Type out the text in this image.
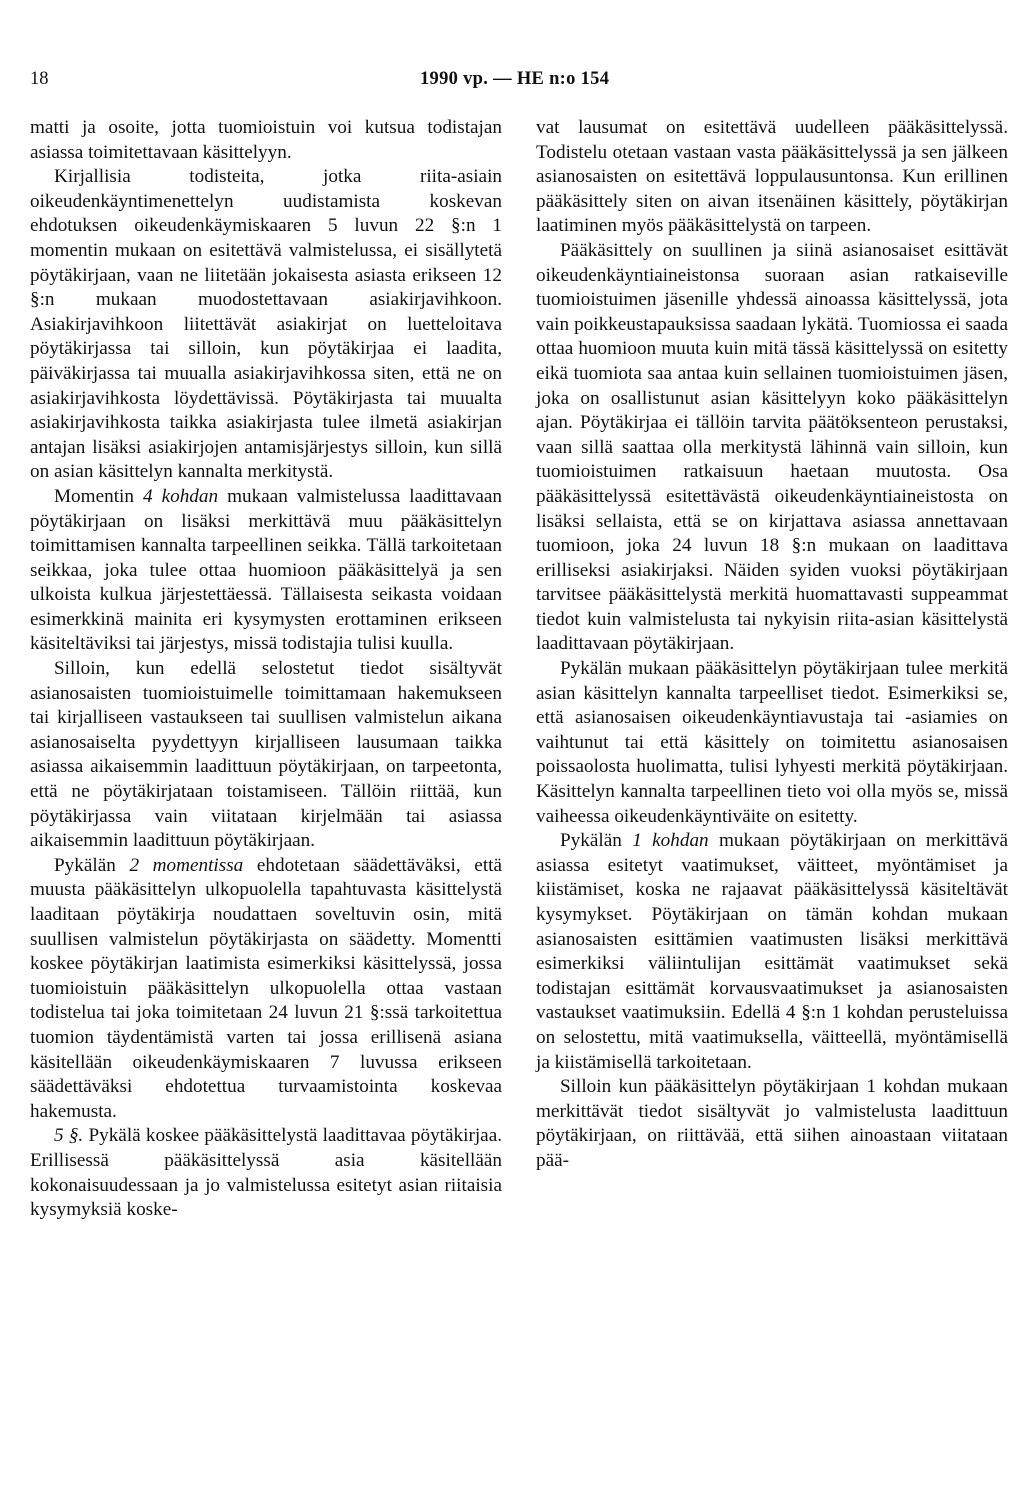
18	1990 vp. — HE n:o 154

matti ja osoite, jotta tuomioistuin voi kutsua todistajan asiassa toimitettavaan käsittelyyn.

Kirjallisia todisteita, jotka riita-asiain oikeudenkäyntimenettelyn uudistamista koskevan ehdotuksen oikeudenkäymiskaaren 5 luvun 22 §:n 1 momentin mukaan on esitettävä valmistelussa, ei sisällytetä pöytäkirjaan, vaan ne liitetään jokaisesta asiasta erikseen 12 §:n mukaan muodostettavaan asiakirjavihkoon. Asiakirjavihkoon liitettävät asiakirjat on luetteloitava pöytäkirjassa tai silloin, kun pöytäkirjaa ei laadita, päiväkirjassa tai muualla asiakirjavihkossa siten, että ne on asiakirjavihkosta löydettävissä. Pöytäkirjasta tai muualta asiakirjavihkosta taikka asiakirjasta tulee ilmetä asiakirjan antajan lisäksi asiakirjojen antamisjärjestys silloin, kun sillä on asian käsittelyn kannalta merkitystä.

Momentin 4 kohdan mukaan valmistelussa laadittavaan pöytäkirjaan on lisäksi merkittävä muu pääkäsittelyn toimittamisen kannalta tarpeellinen seikka. Tällä tarkoitetaan seikkaa, joka tulee ottaa huomioon pääkäsittelyä ja sen ulkoista kulkua järjestettäessä. Tällaisesta seikasta voidaan esimerkkinä mainita eri kysymysten erottaminen erikseen käsiteltäviksi tai järjestys, missä todistajia tulisi kuulla.

Silloin, kun edellä selostetut tiedot sisältyvät asianosaisten tuomioistuimelle toimittamaan hakemukseen tai kirjalliseen vastaukseen tai suullisen valmistelun aikana asianosaiselta pyydettyyn kirjalliseen lausumaan taikka asiassa aikaisemmin laadittuun pöytäkirjaan, on tarpeetonta, että ne pöytäkirjataan toistamiseen. Tällöin riittää, kun pöytäkirjassa vain viitataan kirjelmään tai asiassa aikaisemmin laadittuun pöytäkirjaan.

Pykälän 2 momentissa ehdotetaan säädettäväksi, että muusta pääkäsittelyn ulkopuolella tapahtuvasta käsittelystä laaditaan pöytäkirja noudattaen soveltuvin osin, mitä suullisen valmistelun pöytäkirjasta on säädetty. Momentti koskee pöytäkirjan laatimista esimerkiksi käsittelyssä, jossa tuomioistuin pääkäsittelyn ulkopuolella ottaa vastaan todistelua tai joka toimitetaan 24 luvun 21 §:ssä tarkoitettua tuomion täydentämistä varten tai jossa erillisenä asiana käsitellään oikeudenkäymiskaaren 7 luvussa erikseen säädettäväksi ehdotettua turvaamistointa koskevaa hakemusta.

5 §. Pykälä koskee pääkäsittelystä laadittavaa pöytäkirjaa. Erillisessä pääkäsittelyssä asia käsitellään kokonaisuudessaan ja jo valmistelussa esitetyt asian riitaisia kysymyksiä koske-

vat lausumat on esitettävä uudelleen pääkäsittelyssä. Todistelu otetaan vastaan vasta pääkäsittelyssä ja sen jälkeen asianosaisten on esitettävä loppulausuntonsa. Kun erillinen pääkäsittely siten on aivan itsenäinen käsittely, pöytäkirjan laatiminen myös pääkäsittelystä on tarpeen.

Pääkäsittely on suullinen ja siinä asianosaiset esittävät oikeudenkäyntiaineistonsa suoraan asian ratkaiseville tuomioistuimen jäsenille yhdessä ainoassa käsittelyssä, jota vain poikkeustapauksissa saadaan lykätä. Tuomiossa ei saada ottaa huomioon muuta kuin mitä tässä käsittelyssä on esitetty eikä tuomiota saa antaa kuin sellainen tuomioistuimen jäsen, joka on osallistunut asian käsittelyyn koko pääkäsittelyn ajan. Pöytäkirjaa ei tällöin tarvita päätöksenteon perustaksi, vaan sillä saattaa olla merkitystä lähinnä vain silloin, kun tuomioistuimen ratkaisuun haetaan muutosta. Osa pääkäsittelyssä esitettävästä oikeudenkäyntiaineistosta on lisäksi sellaista, että se on kirjattava asiassa annettavaan tuomioon, joka 24 luvun 18 §:n mukaan on laadittava erilliseksi asiakirjaksi. Näiden syiden vuoksi pöytäkirjaan tarvitsee pääkäsittelystä merkitä huomattavasti suppeammat tiedot kuin valmistelusta tai nykyisin riita-asian käsittelystä laadittavaan pöytäkirjaan.

Pykälän mukaan pääkäsittelyn pöytäkirjaan tulee merkitä asian käsittelyn kannalta tarpeelliset tiedot. Esimerkiksi se, että asianosaisen oikeudenkäyntiavustaja tai -asiamies on vaihtunut tai että käsittely on toimitettu asianosaisen poissaolosta huolimatta, tulisi lyhyesti merkitä pöytäkirjaan. Käsittelyn kannalta tarpeellinen tieto voi olla myös se, missä vaiheessa oikeudenkäyntiväite on esitetty.

Pykälän 1 kohdan mukaan pöytäkirjaan on merkittävä asiassa esitetyt vaatimukset, väitteet, myöntämiset ja kiistämiset, koska ne rajaavat pääkäsittelyssä käsiteltävät kysymykset. Pöytäkirjaan on tämän kohdan mukaan asianosaisten esittämien vaatimusten lisäksi merkittävä esimerkiksi väliintulijan esittämät vaatimukset sekä todistajan esittämät korvausvaatimukset ja asianosaisten vastaukset vaatimuksiin. Edellä 4 §:n 1 kohdan perusteluissa on selostettu, mitä vaatimuksella, väitteellä, myöntämisellä ja kiistämisellä tarkoitetaan.

Silloin kun pääkäsittelyn pöytäkirjaan 1 kohdan mukaan merkittävät tiedot sisältyvät jo valmistelusta laadittuun pöytäkirjaan, on riittävää, että siihen ainoastaan viitataan pää-
